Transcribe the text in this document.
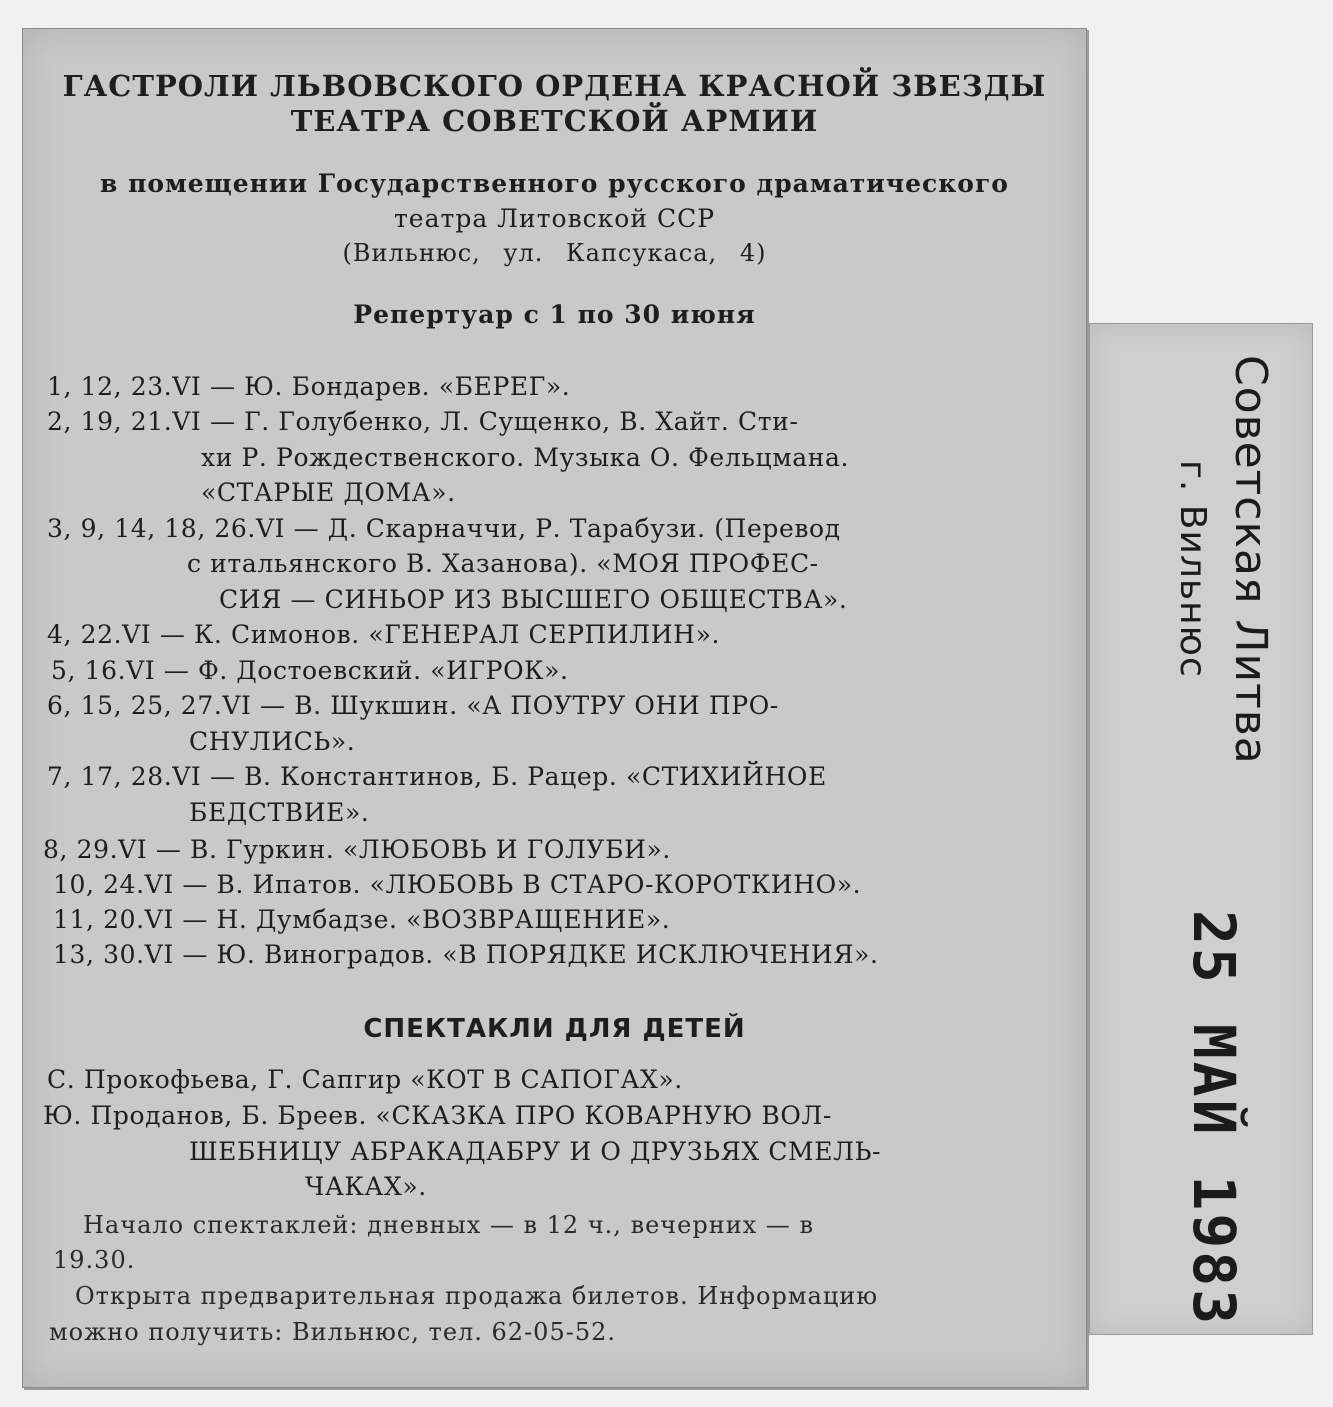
ГАСТРОЛИ ЛЬВОВСКОГО ОРДЕНА КРАСНОЙ ЗВЕЗДЫ
ТЕАТРА СОВЕТСКОЙ АРМИИ
в помещении Государственного русского драматического
театра Литовской ССР
(Вильнюс, ул. Капсукаса, 4)
Репертуар с 1 по 30 июня
1, 12, 23.VI — Ю. Бондарев. «БЕРЕГ».
2, 19, 21.VI — Г. Голубенко, Л. Сущенко, В. Хайт. Сти-
хи Р. Рождественского. Музыка О. Фельцмана.
«СТАРЫЕ ДОМА».
3, 9, 14, 18, 26.VI — Д. Скарначчи, Р. Тарабузи. (Перевод
с итальянского В. Хазанова). «МОЯ ПРОФЕС-
СИЯ — СИНЬОР ИЗ ВЫСШЕГО ОБЩЕСТВА».
4, 22.VI — К. Симонов. «ГЕНЕРАЛ СЕРПИЛИН».
5, 16.VI — Ф. Достоевский. «ИГРОК».
6, 15, 25, 27.VI — В. Шукшин. «А ПОУТРУ ОНИ ПРО-
СНУЛИСЬ».
7, 17, 28.VI — В. Константинов, Б. Рацер. «СТИХИЙНОЕ
БЕДСТВИЕ».
8, 29.VI — В. Гуркин. «ЛЮБОВЬ И ГОЛУБИ».
10, 24.VI — В. Ипатов. «ЛЮБОВЬ В СТАРО-КОРОТКИНО».
11, 20.VI — Н. Думбадзе. «ВОЗВРАЩЕНИЕ».
13, 30.VI — Ю. Виноградов. «В ПОРЯДКЕ ИСКЛЮЧЕНИЯ».
СПЕКТАКЛИ ДЛЯ ДЕТЕЙ
С. Прокофьева, Г. Сапгир «КОТ В САПОГАХ».
Ю. Проданов, Б. Бреев. «СКАЗКА ПРО КОВАРНУЮ ВОЛ-
ШЕБНИЦУ АБРАКАДАБРУ И О ДРУЗЬЯХ СМЕЛЬ-
ЧАКАХ».
Начало спектаклей: дневных — в 12 ч., вечерних — в
19.30.
Открыта предварительная продажа билетов. Информацию
можно получить: Вильнюс, тел. 62-05-52.
Советская Литва
г. Вильнюс
25 МАЙ 1983
